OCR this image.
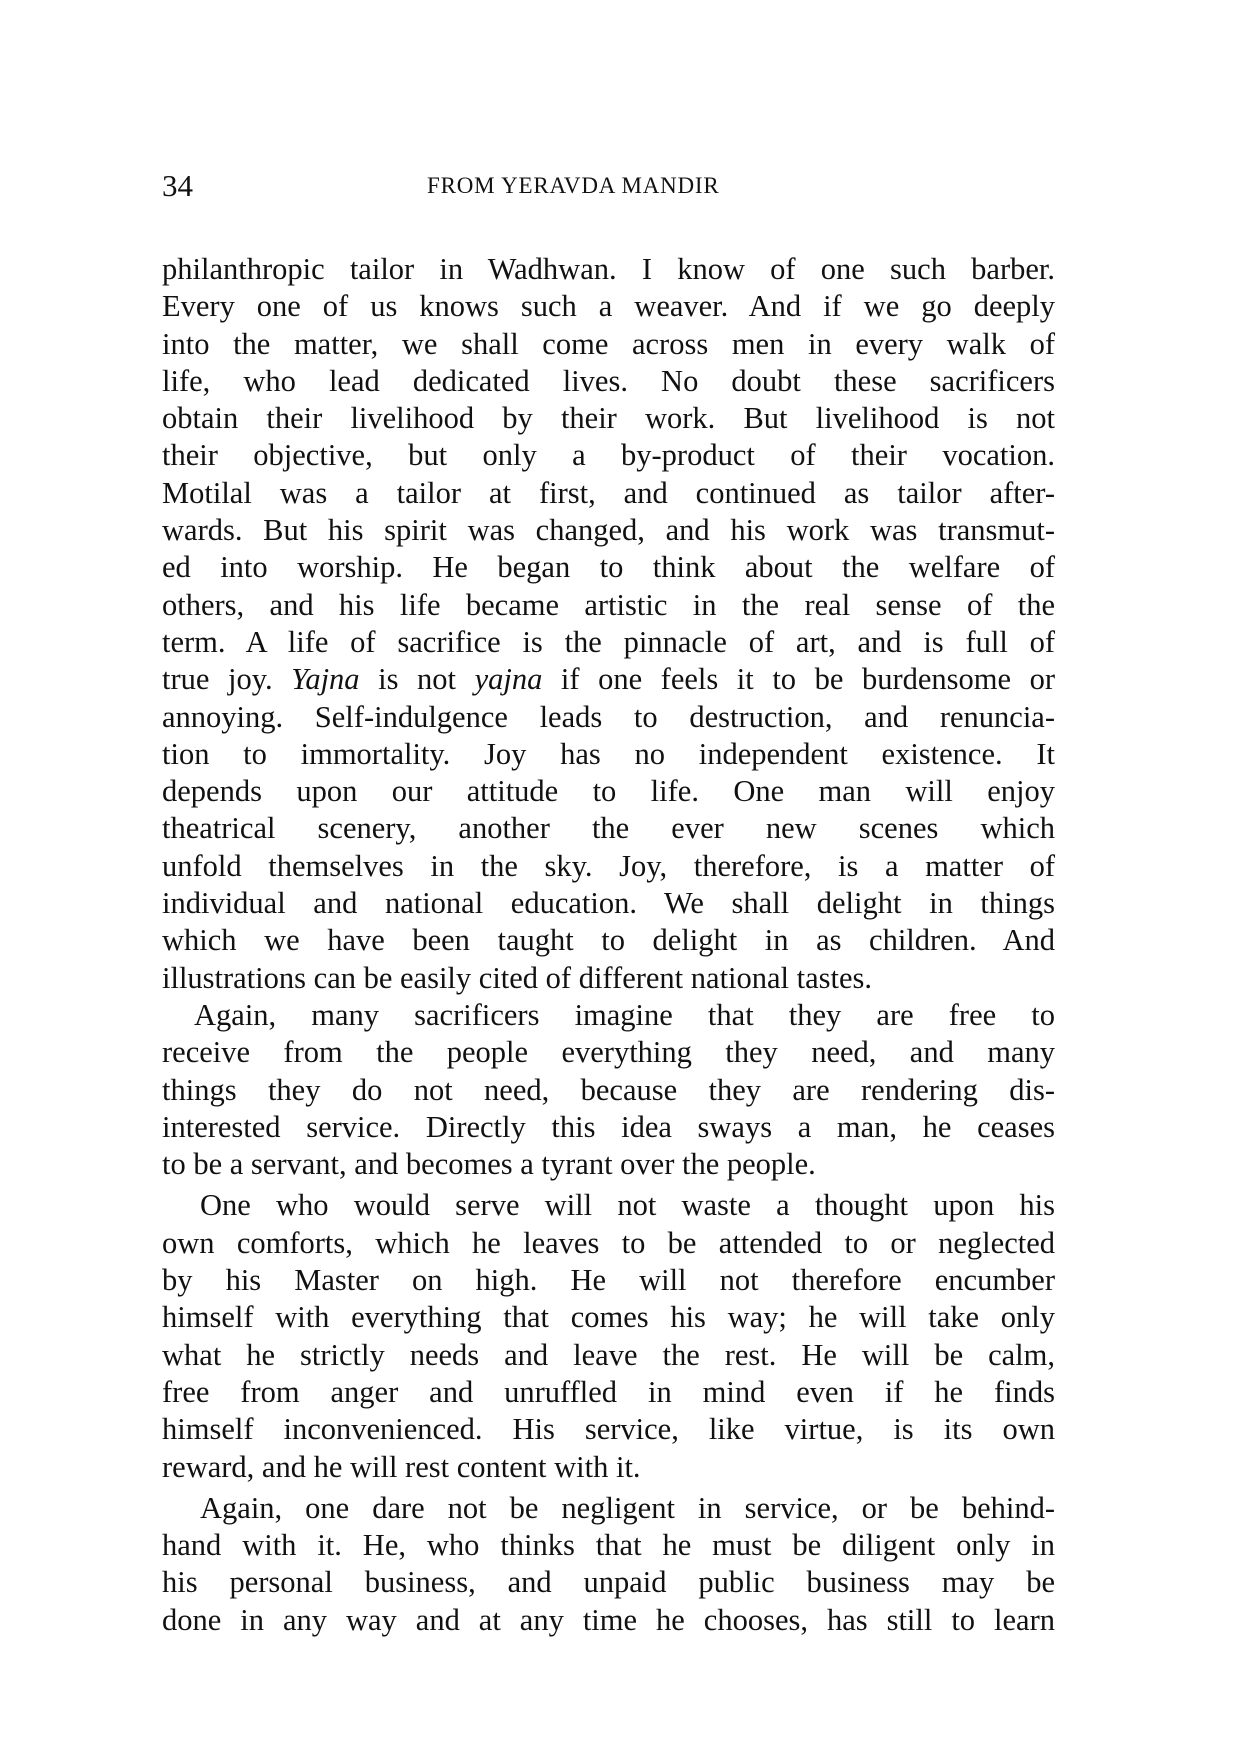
34	FROM YERAVDA MANDIR
philanthropic tailor in Wadhwan. I know of one such barber.
Every one of us knows such a weaver. And if we go deeply
into the matter, we shall come across men in every walk of
life, who lead dedicated lives. No doubt these sacrificers
obtain their livelihood by their work. But livelihood is not
their objective, but only a by-product of their vocation.
Motilal was a tailor at first, and continued as tailor after-
wards. But his spirit was changed, and his work was transmut-
ed into worship. He began to think about the welfare of
others, and his life became artistic in the real sense of the
term. A life of sacrifice is the pinnacle of art, and is full of
true joy. Yajna is not yajna if one feels it to be burdensome or
annoying. Self-indulgence leads to destruction, and renuncia-
tion to immortality. Joy has no independent existence. It
depends upon our attitude to life. One man will enjoy
theatrical scenery, another the ever new scenes which
unfold themselves in the sky. Joy, therefore, is a matter of
individual and national education. We shall delight in things
which we have been taught to delight in as children. And
illustrations can be easily cited of different national tastes.
Again, many sacrificers imagine that they are free to
receive from the people everything they need, and many
things they do not need, because they are rendering dis-
interested service. Directly this idea sways a man, he ceases
to be a servant, and becomes a tyrant over the people.
One who would serve will not waste a thought upon his
own comforts, which he leaves to be attended to or neglected
by his Master on high. He will not therefore encumber
himself with everything that comes his way; he will take only
what he strictly needs and leave the rest. He will be calm,
free from anger and unruffled in mind even if he finds
himself inconvenienced. His service, like virtue, is its own
reward, and he will rest content with it.
Again, one dare not be negligent in service, or be behind-
hand with it. He, who thinks that he must be diligent only in
his personal business, and unpaid public business may be
done in any way and at any time he chooses, has still to learn
